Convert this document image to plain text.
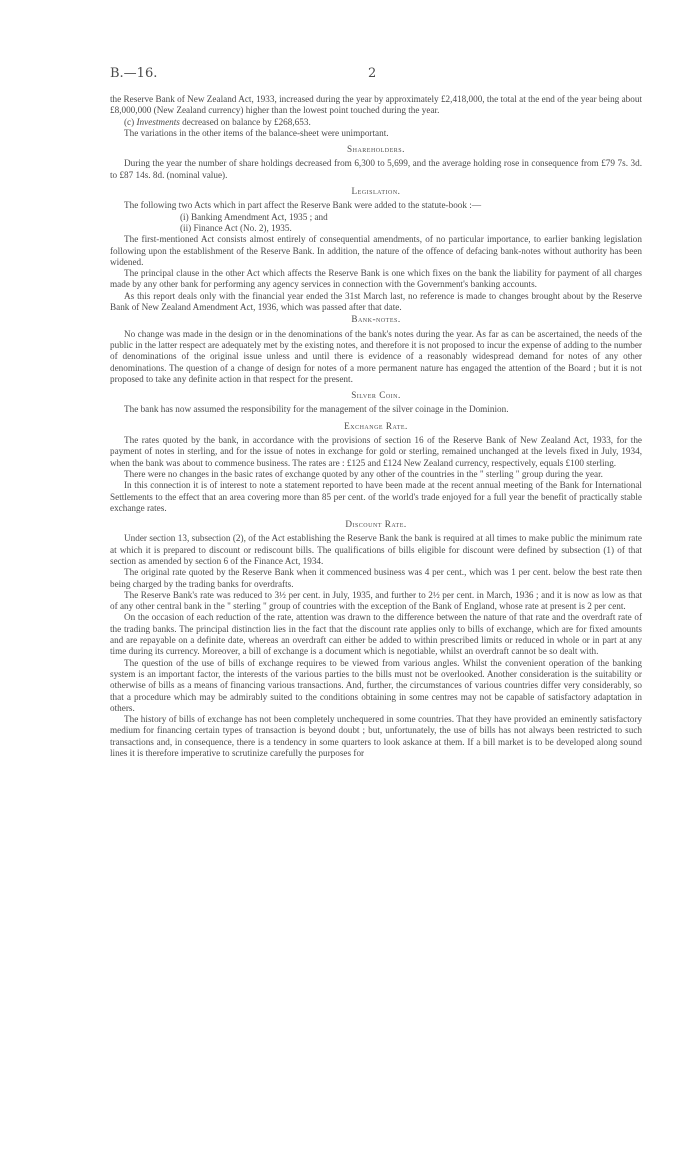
B.—16.	2

the Reserve Bank of New Zealand Act, 1933, increased during the year by approximately £2,418,000, the total at the end of the year being about £8,000,000 (New Zealand currency) higher than the lowest point touched during the year.

(c) Investments decreased on balance by £268,653.

The variations in the other items of the balance-sheet were unimportant.

Shareholders.

During the year the number of share holdings decreased from 6,300 to 5,699, and the average holding rose in consequence from £79 7s. 3d. to £87 14s. 8d. (nominal value).

Legislation.

The following two Acts which in part affect the Reserve Bank were added to the statute-book :—

(i) Banking Amendment Act, 1935 ; and

(ii) Finance Act (No. 2), 1935.

The first-mentioned Act consists almost entirely of consequential amendments, of no particular importance, to earlier banking legislation following upon the establishment of the Reserve Bank. In addition, the nature of the offence of defacing bank-notes without authority has been widened.

The principal clause in the other Act which affects the Reserve Bank is one which fixes on the bank the liability for payment of all charges made by any other bank for performing any agency services in connection with the Government's banking accounts.

As this report deals only with the financial year ended the 31st March last, no reference is made to changes brought about by the Reserve Bank of New Zealand Amendment Act, 1936, which was passed after that date.

Bank-notes.

No change was made in the design or in the denominations of the bank's notes during the year. As far as can be ascertained, the needs of the public in the latter respect are adequately met by the existing notes, and therefore it is not proposed to incur the expense of adding to the number of denominations of the original issue unless and until there is evidence of a reasonably widespread demand for notes of any other denominations. The question of a change of design for notes of a more permanent nature has engaged the attention of the Board ; but it is not proposed to take any definite action in that respect for the present.

Silver Coin.

The bank has now assumed the responsibility for the management of the silver coinage in the Dominion.

Exchange Rate.

The rates quoted by the bank, in accordance with the provisions of section 16 of the Reserve Bank of New Zealand Act, 1933, for the payment of notes in sterling, and for the issue of notes in exchange for gold or sterling, remained unchanged at the levels fixed in July, 1934, when the bank was about to commence business. The rates are : £125 and £124 New Zealand currency, respectively, equals £100 sterling.

There were no changes in the basic rates of exchange quoted by any other of the countries in the " sterling " group during the year.

In this connection it is of interest to note a statement reported to have been made at the recent annual meeting of the Bank for International Settlements to the effect that an area covering more than 85 per cent. of the world's trade enjoyed for a full year the benefit of practically stable exchange rates.

Discount Rate.

Under section 13, subsection (2), of the Act establishing the Reserve Bank the bank is required at all times to make public the minimum rate at which it is prepared to discount or rediscount bills. The qualifications of bills eligible for discount were defined by subsection (1) of that section as amended by section 6 of the Finance Act, 1934.

The original rate quoted by the Reserve Bank when it commenced business was 4 per cent., which was 1 per cent. below the best rate then being charged by the trading banks for overdrafts.

The Reserve Bank's rate was reduced to 3½ per cent. in July, 1935, and further to 2½ per cent. in March, 1936 ; and it is now as low as that of any other central bank in the " sterling " group of countries with the exception of the Bank of England, whose rate at present is 2 per cent.

On the occasion of each reduction of the rate, attention was drawn to the difference between the nature of that rate and the overdraft rate of the trading banks. The principal distinction lies in the fact that the discount rate applies only to bills of exchange, which are for fixed amounts and are repayable on a definite date, whereas an overdraft can either be added to within prescribed limits or reduced in whole or in part at any time during its currency. Moreover, a bill of exchange is a document which is negotiable, whilst an overdraft cannot be so dealt with.

The question of the use of bills of exchange requires to be viewed from various angles. Whilst the convenient operation of the banking system is an important factor, the interests of the various parties to the bills must not be overlooked. Another consideration is the suitability or otherwise of bills as a means of financing various transactions. And, further, the circumstances of various countries differ very considerably, so that a procedure which may be admirably suited to the conditions obtaining in some centres may not be capable of satisfactory adaptation in others.

The history of bills of exchange has not been completely unchequered in some countries. That they have provided an eminently satisfactory medium for financing certain types of transaction is beyond doubt ; but, unfortunately, the use of bills has not always been restricted to such transactions and, in consequence, there is a tendency in some quarters to look askance at them. If a bill market is to be developed along sound lines it is therefore imperative to scrutinize carefully the purposes for
